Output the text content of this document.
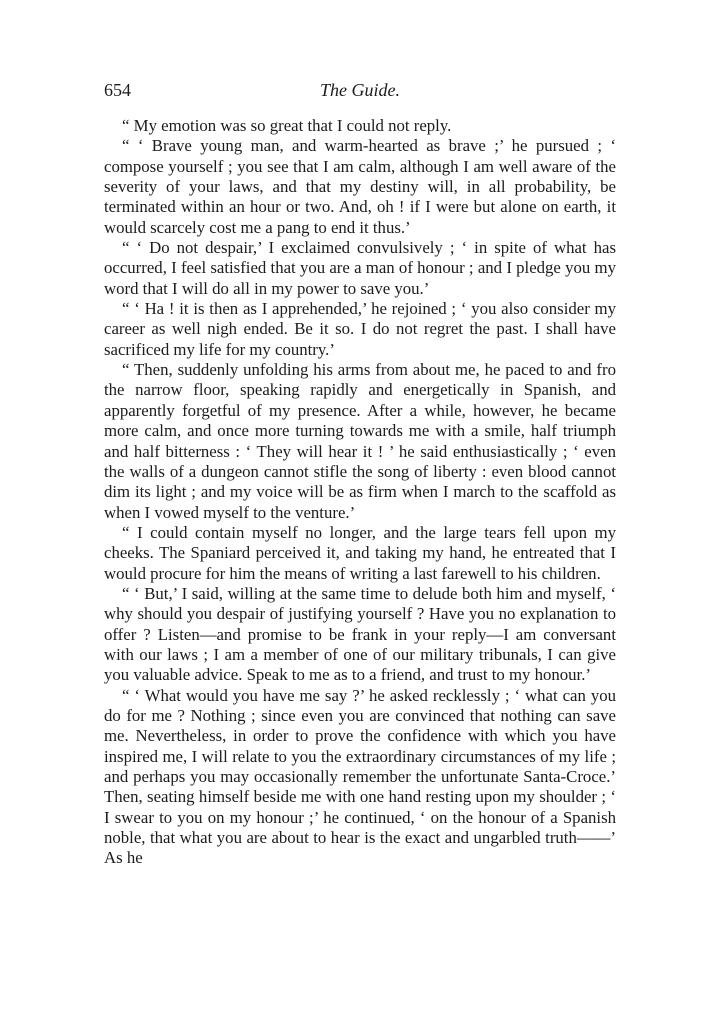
654	The Guide.

“ My emotion was so great that I could not reply.

“ ‘ Brave young man, and warm-hearted as brave ;’ he pursued ; ‘ compose yourself ; you see that I am calm, although I am well aware of the severity of your laws, and that my destiny will, in all probability, be terminated within an hour or two. And, oh ! if I were but alone on earth, it would scarcely cost me a pang to end it thus.’

“ ‘ Do not despair,’ I exclaimed convulsively ; ‘ in spite of what has occurred, I feel satisfied that you are a man of honour ; and I pledge you my word that I will do all in my power to save you.’

“ ‘ Ha ! it is then as I apprehended,’ he rejoined ; ‘ you also consider my career as well nigh ended. Be it so. I do not regret the past. I shall have sacrificed my life for my country.’

“ Then, suddenly unfolding his arms from about me, he paced to and fro the narrow floor, speaking rapidly and energetically in Spanish, and apparently forgetful of my presence. After a while, however, he became more calm, and once more turning towards me with a smile, half triumph and half bitterness : ‘ They will hear it ! ’ he said enthusiastically ; ‘ even the walls of a dungeon cannot stifle the song of liberty : even blood cannot dim its light ; and my voice will be as firm when I march to the scaffold as when I vowed myself to the venture.’

“ I could contain myself no longer, and the large tears fell upon my cheeks. The Spaniard perceived it, and taking my hand, he entreated that I would procure for him the means of writing a last farewell to his children.

“ ‘ But,’ I said, willing at the same time to delude both him and myself, ‘ why should you despair of justifying yourself ? Have you no explanation to offer ? Listen—and promise to be frank in your reply—I am conversant with our laws ; I am a member of one of our military tribunals, I can give you valuable advice. Speak to me as to a friend, and trust to my honour.’

“ ‘ What would you have me say ?’ he asked recklessly ; ‘ what can you do for me ? Nothing ; since even you are convinced that nothing can save me. Nevertheless, in order to prove the confidence with which you have inspired me, I will relate to you the extraordinary circumstances of my life ; and perhaps you may occasionally remember the unfortunate Santa-Croce.’ Then, seating himself beside me with one hand resting upon my shoulder ; ‘ I swear to you on my honour ;’ he continued, ‘ on the honour of a Spanish noble, that what you are about to hear is the exact and ungarbled truth——’ As he
